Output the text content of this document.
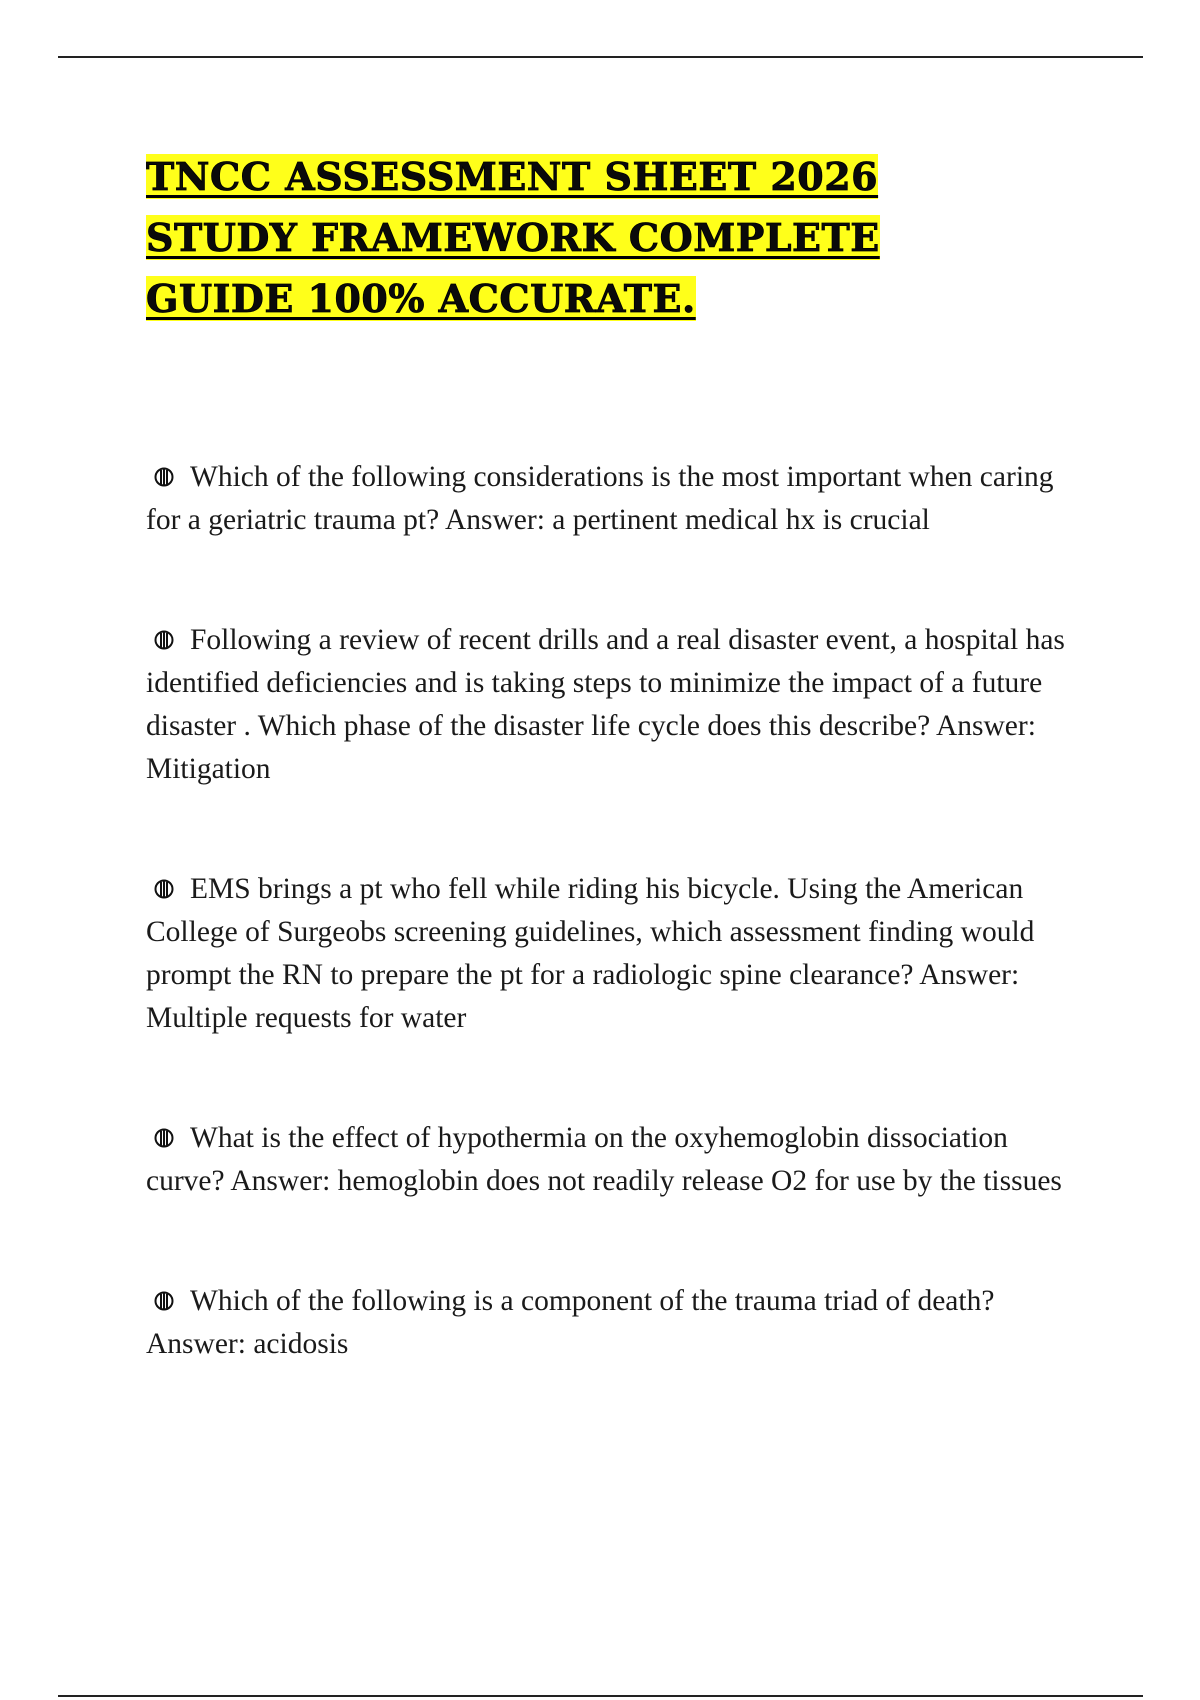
TNCC ASSESSMENT SHEET 2026 STUDY FRAMEWORK COMPLETE GUIDE 100% ACCURATE.
Which of the following considerations is the most important when caring for a geriatric trauma pt? Answer: a pertinent medical hx is crucial
Following a review of recent drills and a real disaster event, a hospital has identified deficiencies and is taking steps to minimize the impact of a future disaster . Which phase of the disaster life cycle does this describe? Answer: Mitigation
EMS brings a pt who fell while riding his bicycle. Using the American College of Surgeobs screening guidelines, which assessment finding would prompt the RN to prepare the pt for a radiologic spine clearance? Answer: Multiple requests for water
What is the effect of hypothermia on the oxyhemoglobin dissociation curve? Answer: hemoglobin does not readily release O2 for use by the tissues
Which of the following is a component of the trauma triad of death? Answer: acidosis
